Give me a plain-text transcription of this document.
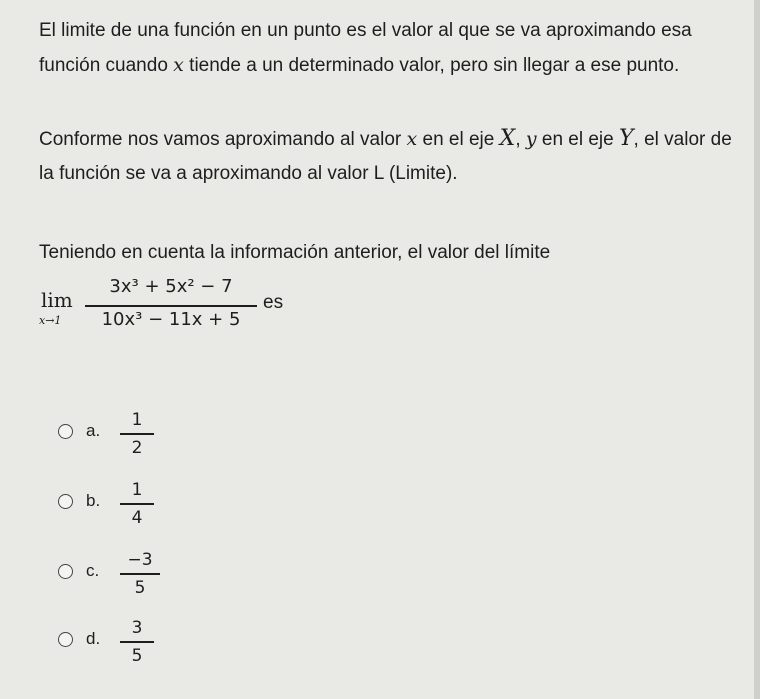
El limite de una función en un punto es el valor al que se va aproximando esa función cuando x tiende a un determinado valor, pero sin llegar a ese punto.

Conforme nos vamos aproximando al valor x en el eje X, y en el eje Y, el valor de la función se va a aproximando al valor L (Limite).

Teniendo en cuenta la información anterior, el valor del límite

lim
x→1
3x³ + 5x² − 7
10x³ − 11x + 5
es
a.
1
2
b.
1
4
c.
−3
5
d.
3
5
